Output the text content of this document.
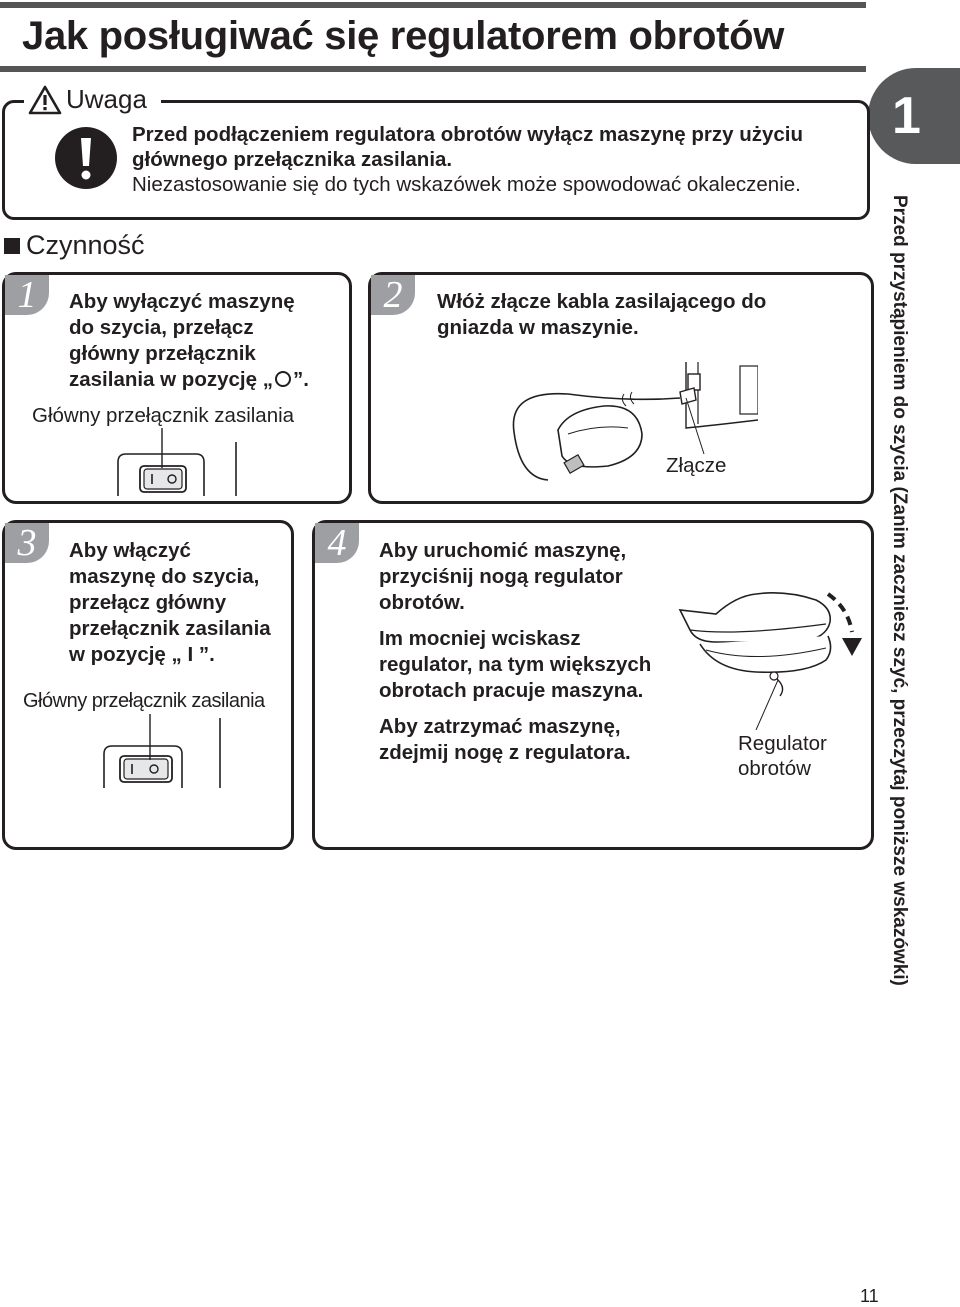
Jak posługiwać się regulatorem obrotów
1
Przed przystąpieniem do szycia (Zanim zaczniesz szyć, przeczytaj poniższe wskazówki)
Uwaga
Przed podłączeniem regulatora obrotów wyłącz maszynę przy użyciu
głównego przełącznika zasilania.
Niezastosowanie się do tych wskazówek może spowodować okaleczenie.
Czynność
1	Aby wyłączyć maszynę
do szycia, przełącz
główny przełącznik
zasilania w pozycję „ ”.
Główny przełącznik zasilania
2	Włóż złącze kabla zasilającego do
gniazda w maszynie.
Złącze
3	Aby włączyć
maszynę do szycia,
przełącz główny
przełącznik zasilania
w pozycję „ I ”.
Główny przełącznik zasilania
4	Aby uruchomić maszynę,
przyciśnij nogą regulator
obrotów.
Im mocniej wciskasz
regulator, na tym większych
obrotach pracuje maszyna.
Aby zatrzymać maszynę,
zdejmij nogę z regulatora.	Regulator
obrotów
11
